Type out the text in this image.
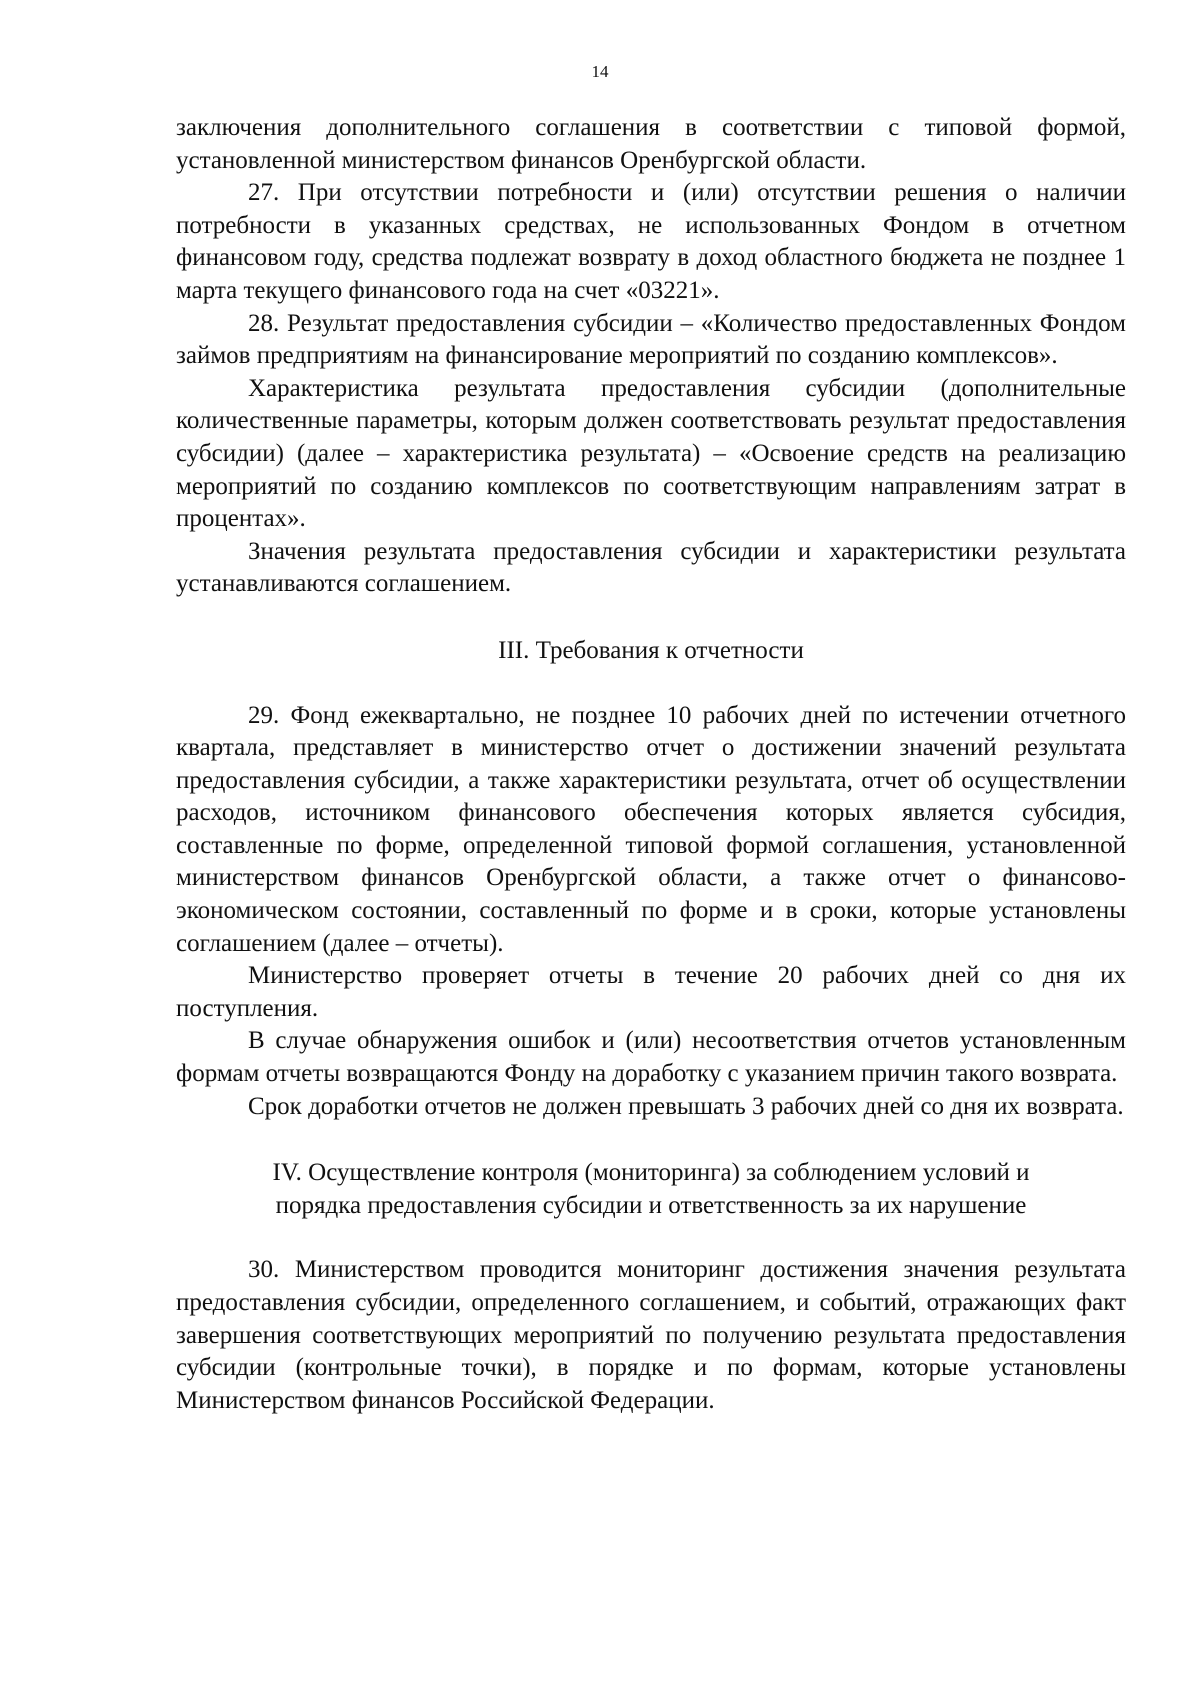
14

заключения дополнительного соглашения в соответствии с типовой формой, установленной министерством финансов Оренбургской области.

27. При отсутствии потребности и (или) отсутствии решения о наличии потребности в указанных средствах, не использованных Фондом в отчетном финансовом году, средства подлежат возврату в доход областного бюджета не позднее 1 марта текущего финансового года на счет «03221».

28. Результат предоставления субсидии – «Количество предоставленных Фондом займов предприятиям на финансирование мероприятий по созданию комплексов».

Характеристика результата предоставления субсидии (дополнительные количественные параметры, которым должен соответствовать результат предоставления субсидии) (далее – характеристика результата) – «Освоение средств на реализацию мероприятий по созданию комплексов по соответствующим направлениям затрат в процентах».

Значения результата предоставления субсидии и характеристики результата устанавливаются соглашением.

III. Требования к отчетности

29. Фонд ежеквартально, не позднее 10 рабочих дней по истечении отчетного квартала, представляет в министерство отчет о достижении значений результата предоставления субсидии, а также характеристики результата, отчет об осуществлении расходов, источником финансового обеспечения которых является субсидия, составленные по форме, определенной типовой формой соглашения, установленной министерством финансов Оренбургской области, а также отчет о финансово-экономическом состоянии, составленный по форме и в сроки, которые установлены соглашением (далее – отчеты).

Министерство проверяет отчеты в течение 20 рабочих дней со дня их поступления.

В случае обнаружения ошибок и (или) несоответствия отчетов установленным формам отчеты возвращаются Фонду на доработку с указанием причин такого возврата.

Срок доработки отчетов не должен превышать 3 рабочих дней со дня их возврата.

IV. Осуществление контроля (мониторинга) за соблюдением условий и
порядка предоставления субсидии и ответственность за их нарушение

30. Министерством проводится мониторинг достижения значения результата предоставления субсидии, определенного соглашением, и событий, отражающих факт завершения соответствующих мероприятий по получению результата предоставления субсидии (контрольные точки), в порядке и по формам, которые установлены Министерством финансов Российской Федерации.
